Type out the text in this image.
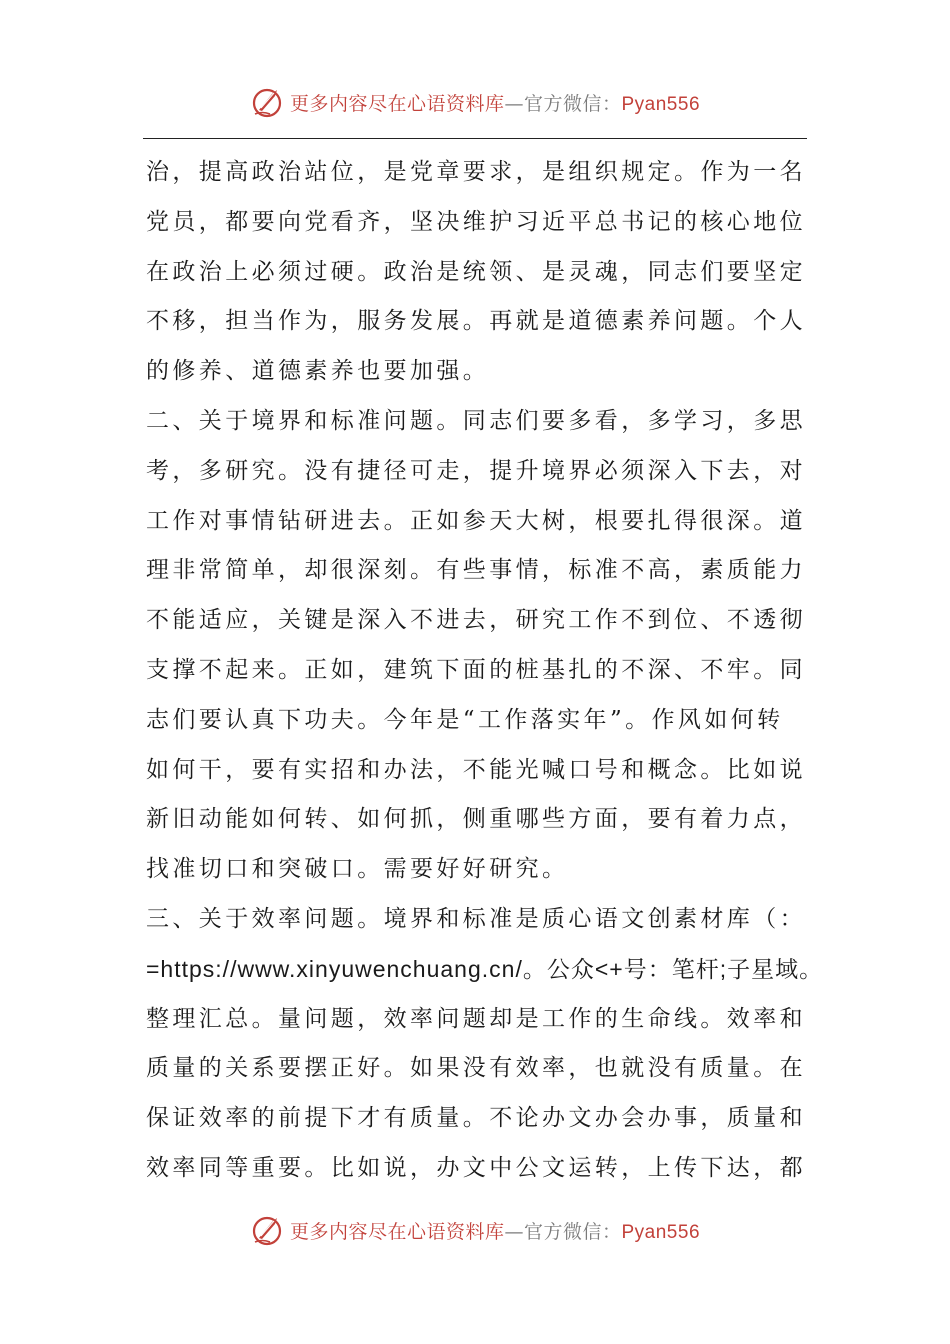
更多内容尽在心语资料库—官方微信：Pyan556
治，提高政治站位，是党章要求，是组织规定。作为一名
党员，都要向党看齐，坚决维护习近平总书记的核心地位
在政治上必须过硬。政治是统领、是灵魂，同志们要坚定
不移，担当作为，服务发展。再就是道德素养问题。个人
的修养、道德素养也要加强。
二、关于境界和标准问题。同志们要多看，多学习，多思
考，多研究。没有捷径可走，提升境界必须深入下去，对
工作对事情钻研进去。正如参天大树，根要扎得很深。道
理非常简单，却很深刻。有些事情，标准不高，素质能力
不能适应，关键是深入不进去，研究工作不到位、不透彻
支撑不起来。正如，建筑下面的桩基扎的不深、不牢。同
志们要认真下功夫。今年是“工作落实年”。作风如何转
如何干，要有实招和办法，不能光喊口号和概念。比如说
新旧动能如何转、如何抓，侧重哪些方面，要有着力点，
找准切口和突破口。需要好好研究。
三、关于效率问题。境界和标准是质心语文创素材库（：
=https://www.xinyuwenchuang.cn/。公众<+号：笔杆;子星域。
整理汇总。量问题，效率问题却是工作的生命线。效率和
质量的关系要摆正好。如果没有效率，也就没有质量。在
保证效率的前提下才有质量。不论办文办会办事，质量和
效率同等重要。比如说，办文中公文运转，上传下达，都
更多内容尽在心语资料库—官方微信：Pyan556
